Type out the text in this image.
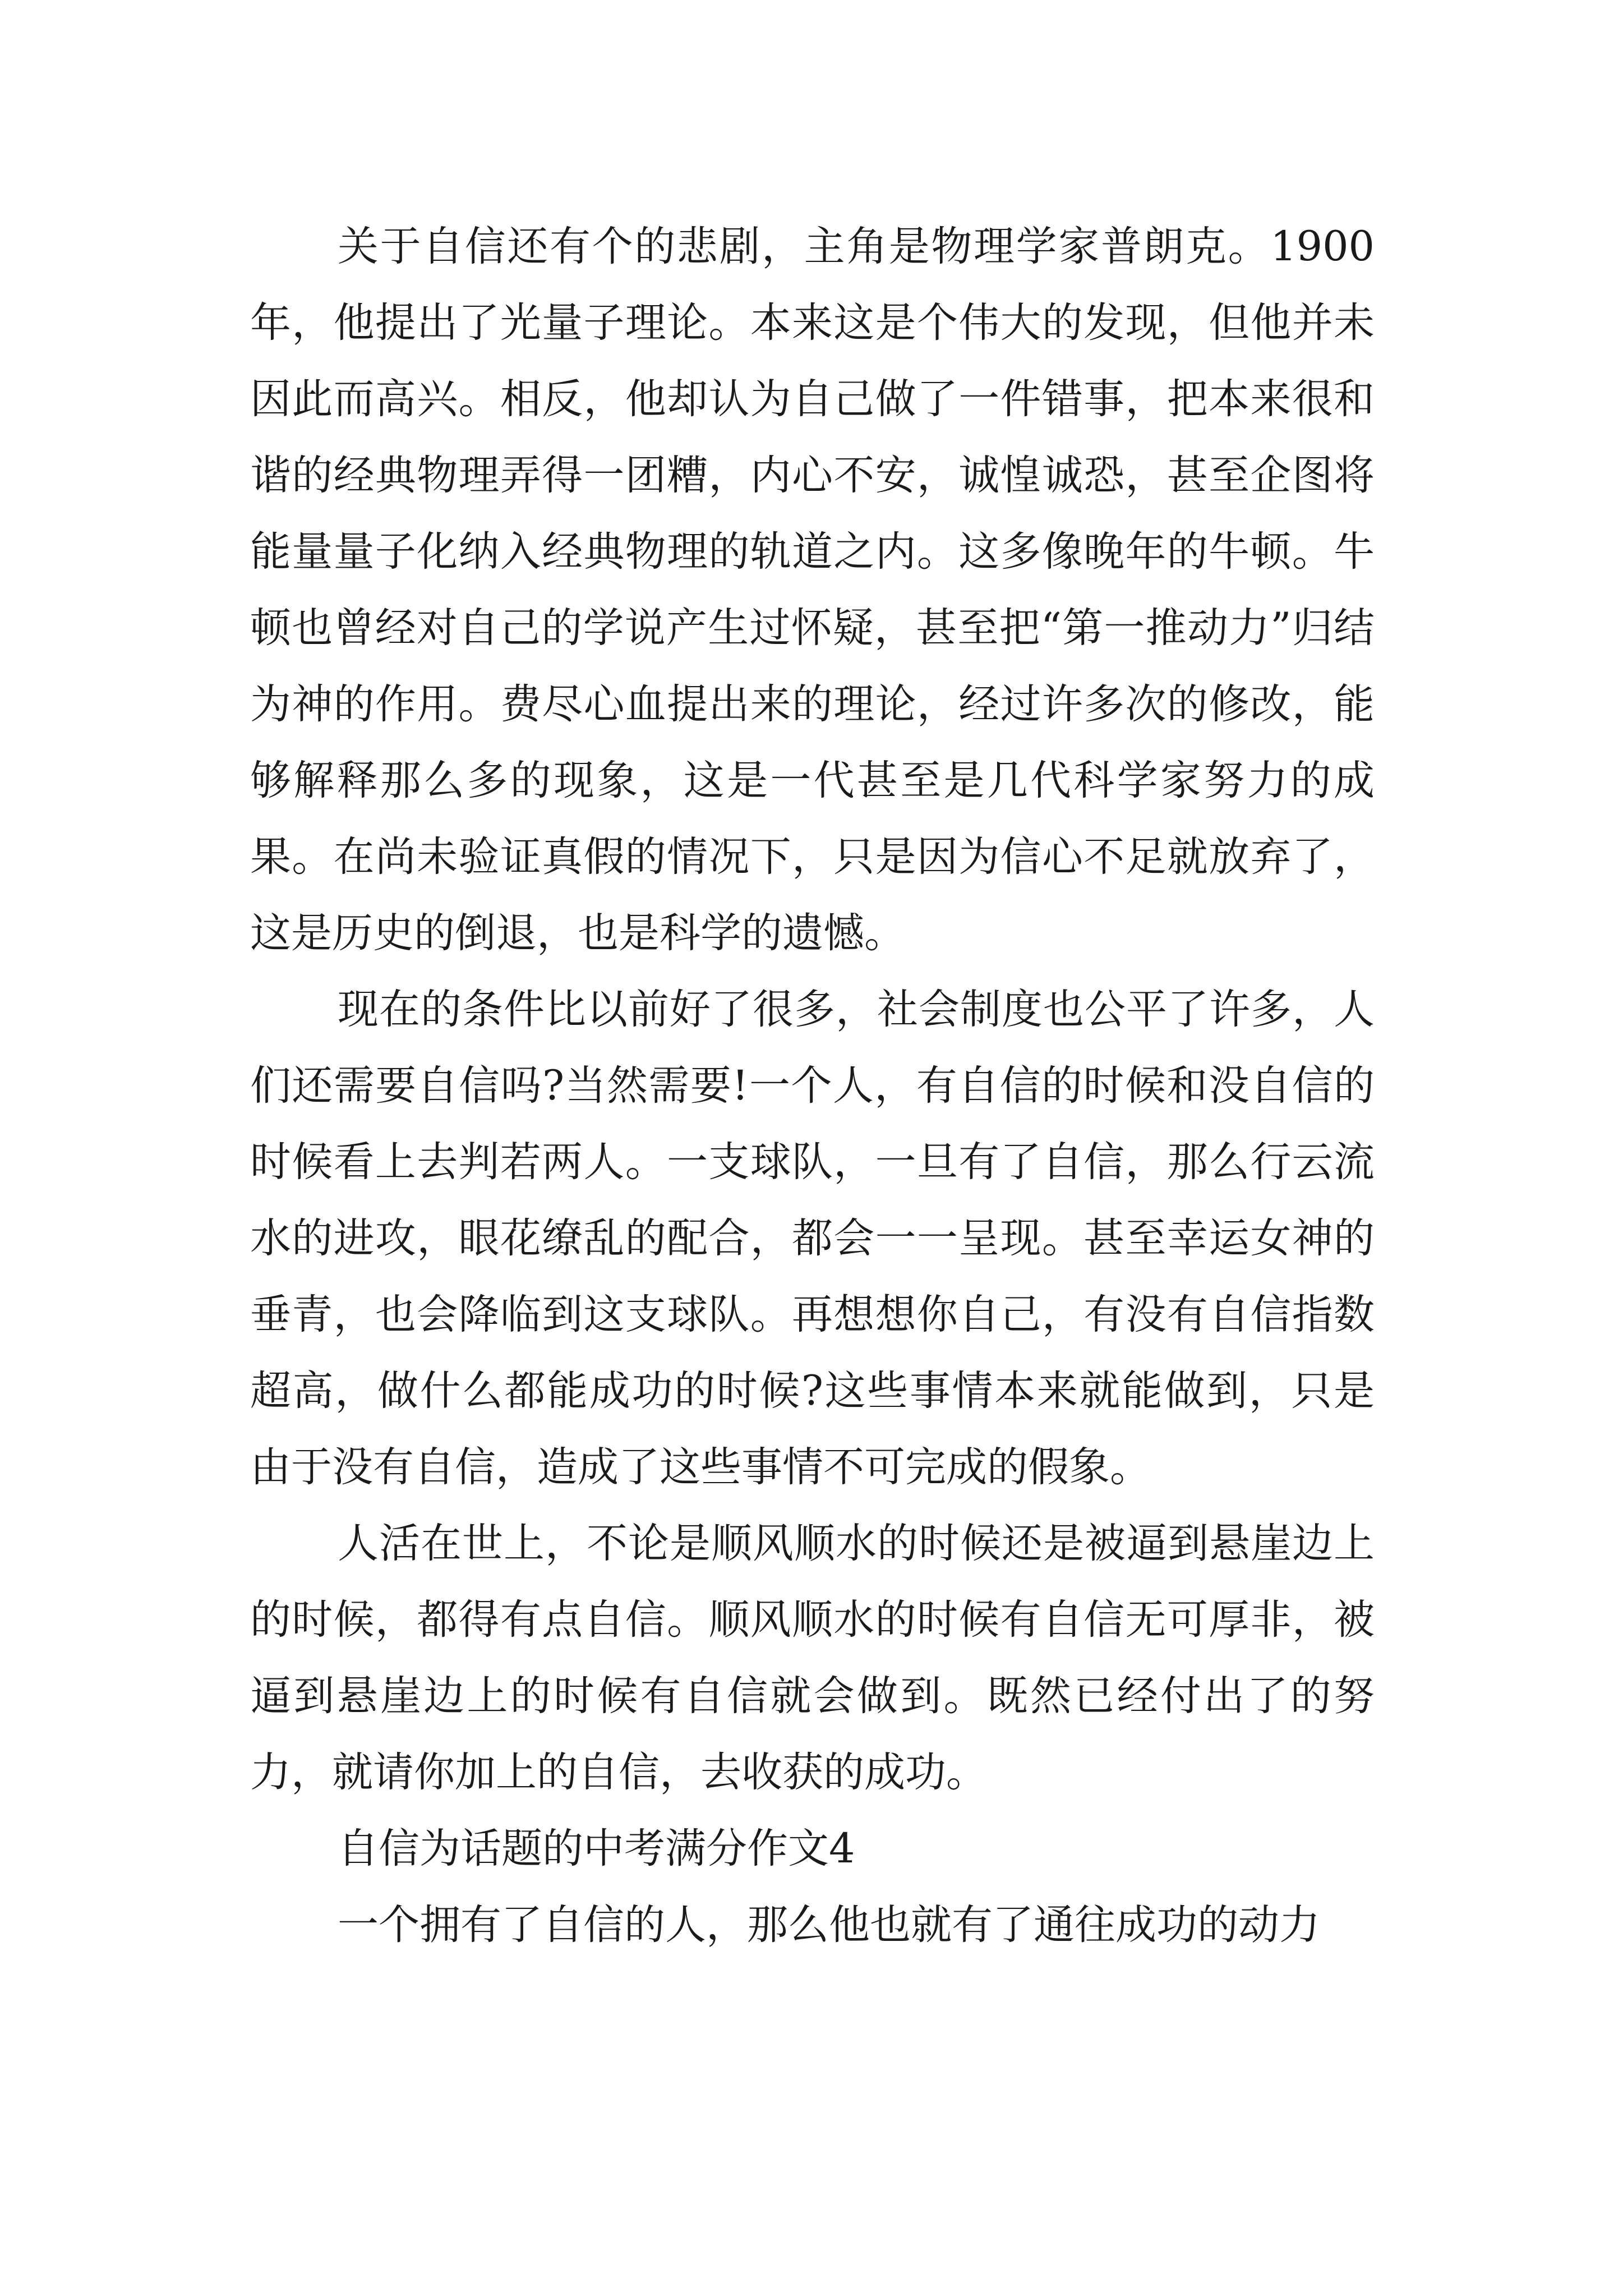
关于自信还有个的悲剧，主角是物理学家普朗克。1900年，他提出了光量子理论。本来这是个伟大的发现，但他并未因此而高兴。相反，他却认为自己做了一件错事，把本来很和谐的经典物理弄得一团糟，内心不安，诚惶诚恐，甚至企图将能量量子化纳入经典物理的轨道之内。这多像晚年的牛顿。牛顿也曾经对自己的学说产生过怀疑，甚至把“第一推动力”归结为神的作用。费尽心血提出来的理论，经过许多次的修改，能够解释那么多的现象，这是一代甚至是几代科学家努力的成果。在尚未验证真假的情况下，只是因为信心不足就放弃了，这是历史的倒退，也是科学的遗憾。

现在的条件比以前好了很多，社会制度也公平了许多，人们还需要自信吗?当然需要!一个人，有自信的时候和没自信的时候看上去判若两人。一支球队，一旦有了自信，那么行云流水的进攻，眼花缭乱的配合，都会一一呈现。甚至幸运女神的垂青，也会降临到这支球队。再想想你自己，有没有自信指数超高，做什么都能成功的时候?这些事情本来就能做到，只是由于没有自信，造成了这些事情不可完成的假象。

人活在世上，不论是顺风顺水的时候还是被逼到悬崖边上的时候，都得有点自信。顺风顺水的时候有自信无可厚非，被逼到悬崖边上的时候有自信就会做到。既然已经付出了的努力，就请你加上的自信，去收获的成功。

自信为话题的中考满分作文4

一个拥有了自信的人，那么他也就有了通往成功的动力
